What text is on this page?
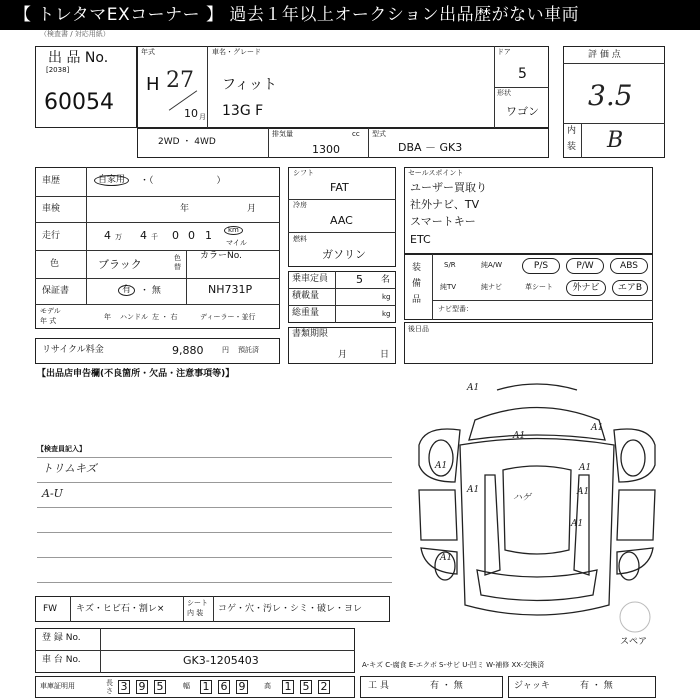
【 トレタマEXコーナー 】 過去１年以上オークション出品歴がない車両
（検査書 / 対応用紙）
出 品 No.
[2038]
60054
年式
H 27
10 月
車名・グレード
フィット
13G F
ドア
5
形状
ワゴン
評 価 点
3.5
内
装 B
2WD ・ 4WD
排気量	cc
1300
型式
DBA － GK3
車歴	自家用	・（　　　　　　　）
車検	年	月
走行	4 万 4 千 0 0 1	km
マイル
色	ブラック	色替
カラーNo.
NH731P
保証書	有 ・ 無
モデル
年 式	年 ハンドル 左 ・ 右	ディーラー・並行
リサイクル料金	9,880	円 預託済
シフト
FAT
冷房
AAC
燃料
ガソリン
乗車定員	5 名
積載量	kg
総重量	kg
書類期限
月	日
セールスポイント
ユーザー買取り
社外ナビ、TV
スマートキー
ETC
装
備
品
S/R	純A/W	P/S	P/W	ABS
純TV	純ナビ	革シート	外ナビ	エアB
ナビ型番：
後日品
【出品店申告欄(不良箇所・欠品・注意事項等)】
【検査員記入】
トリムキズ
A-U
A1
A1
A1
A1	A1
A1	A1
A1
A1
ハゲ
スペア
FW キズ・ヒビ石・割レ×
シート
内 装 コゲ・穴・汚レ・シミ・破レ・ヨレ
登 録 No.
車 台 No.	GK3-1205403
車庫証明用	長さ 3 9 5	幅 1 6 9	高 1 5 2
A-キズ C-腐食 E-エクボ S-サビ U-凹ミ W-補修 XX-交換済
工 具	有 ・ 無	ジャッキ	有 ・ 無
